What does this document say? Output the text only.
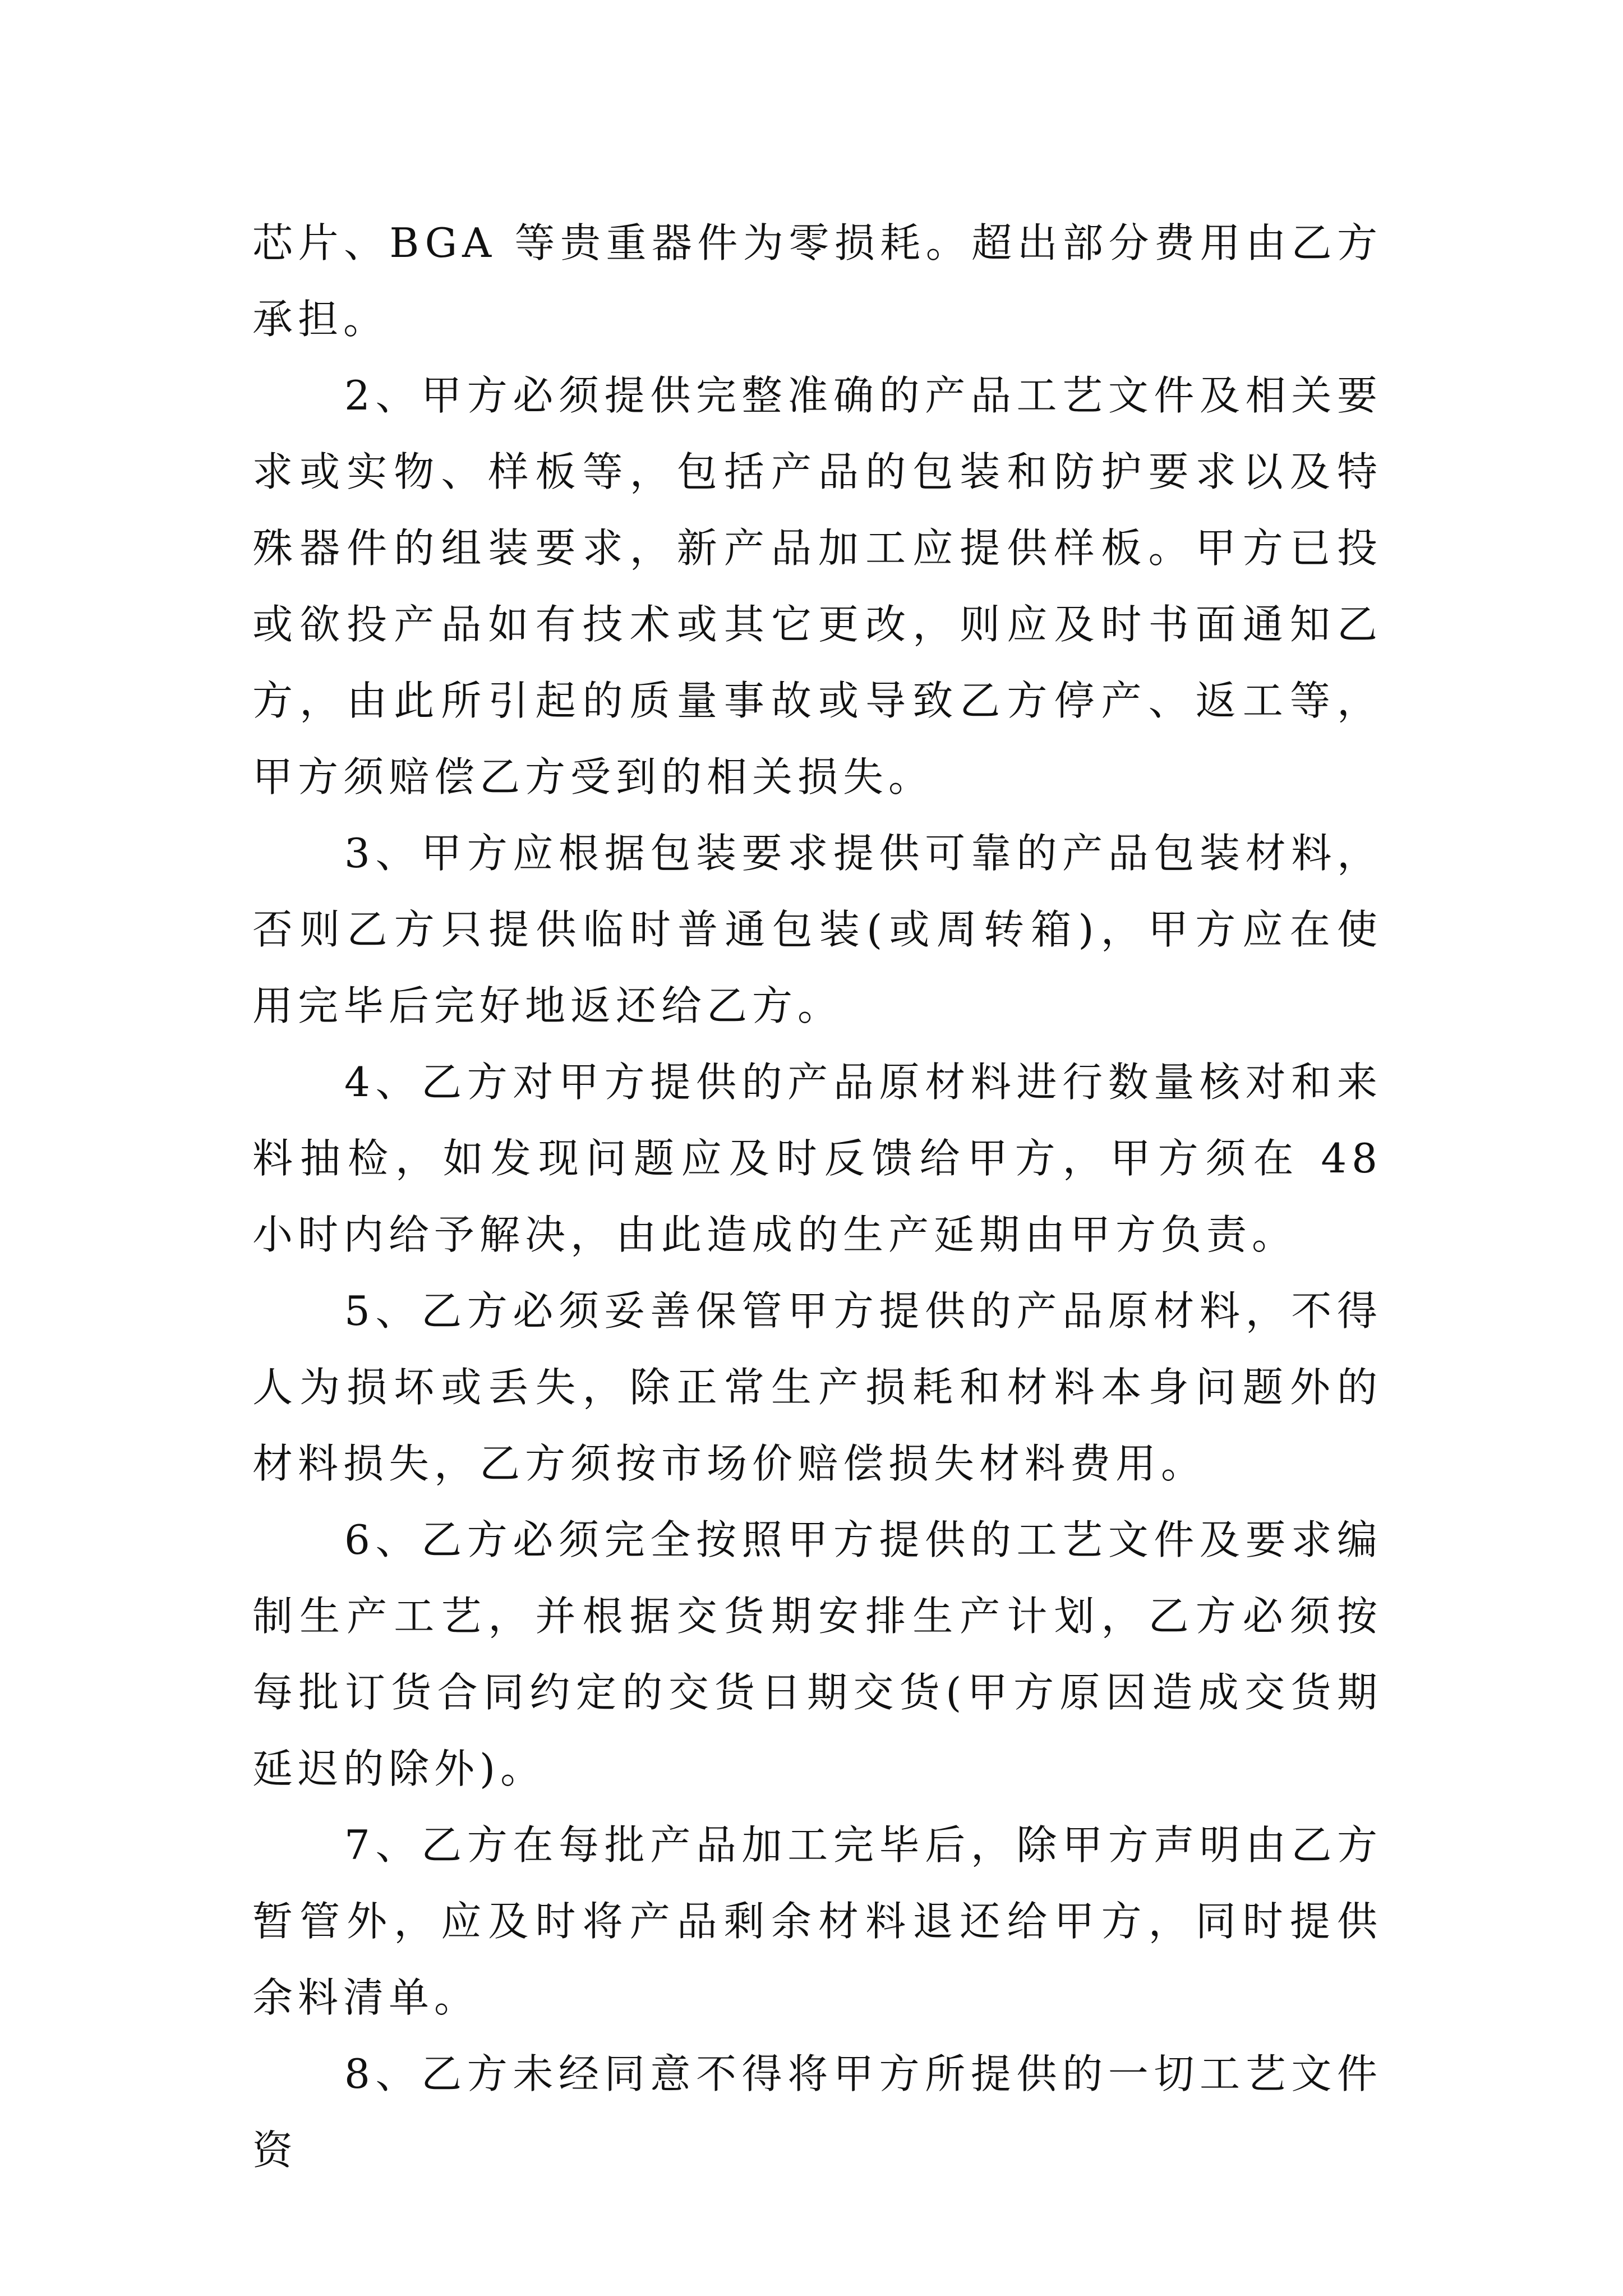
芯片、BGA 等贵重器件为零损耗。超出部分费用由乙方承担。

2、甲方必须提供完整准确的产品工艺文件及相关要求或实物、样板等，包括产品的包装和防护要求以及特殊器件的组装要求，新产品加工应提供样板。甲方已投或欲投产品如有技术或其它更改，则应及时书面通知乙方，由此所引起的质量事故或导致乙方停产、返工等，甲方须赔偿乙方受到的相关损失。

3、甲方应根据包装要求提供可靠的产品包装材料，否则乙方只提供临时普通包装(或周转箱)，甲方应在使用完毕后完好地返还给乙方。

4、乙方对甲方提供的产品原材料进行数量核对和来料抽检，如发现问题应及时反馈给甲方，甲方须在 48 小时内给予解决，由此造成的生产延期由甲方负责。

5、乙方必须妥善保管甲方提供的产品原材料，不得人为损坏或丢失，除正常生产损耗和材料本身问题外的材料损失，乙方须按市场价赔偿损失材料费用。

6、乙方必须完全按照甲方提供的工艺文件及要求编制生产工艺，并根据交货期安排生产计划，乙方必须按每批订货合同约定的交货日期交货(甲方原因造成交货期延迟的除外)。

7、乙方在每批产品加工完毕后，除甲方声明由乙方暂管外，应及时将产品剩余材料退还给甲方，同时提供余料清单。

8、乙方未经同意不得将甲方所提供的一切工艺文件资
